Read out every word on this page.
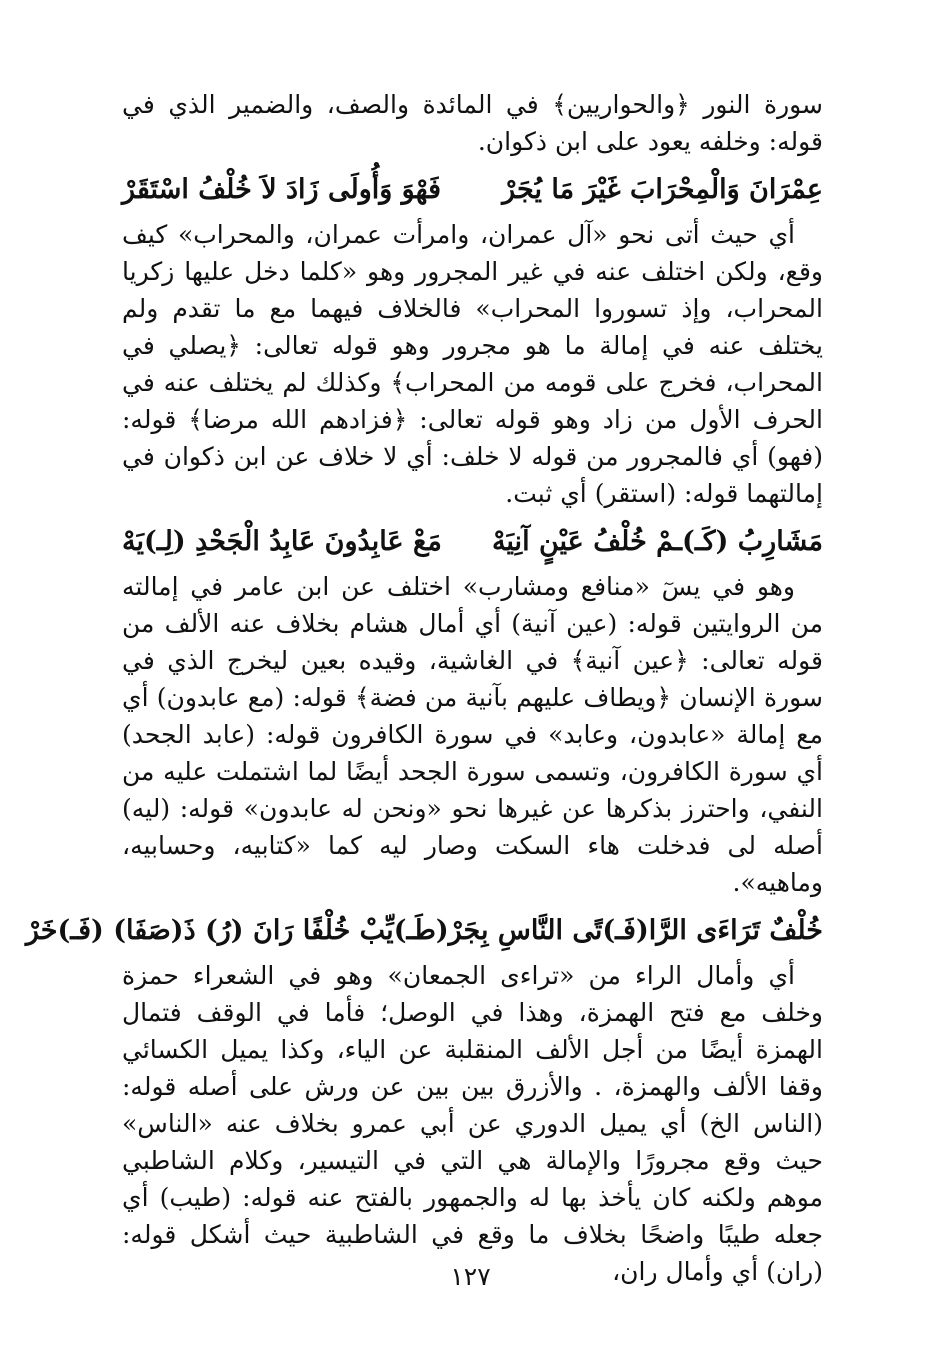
سورة النور ﴿والحواريين﴾ في المائدة والصف، والضمير الذي في قوله: وخلفه يعود على ابن ذكوان.

عِمْرَانَ وَالْمِحْرَابَ غَيْرَ مَا يُجَرْ
فَهْوَ وَأُولَى زَادَ لاَ خُلْفُ اسْتَقَرْ

أي حيث أتى نحو «آل عمران، وامرأت عمران، والمحراب» كيف وقع، ولكن اختلف عنه في غير المجرور وهو «كلما دخل عليها زكريا المحراب، وإذ تسوروا المحراب» فالخلاف فيهما مع ما تقدم ولم يختلف عنه في إمالة ما هو مجرور وهو قوله تعالى: ﴿يصلي في المحراب، فخرج على قومه من المحراب﴾ وكذلك لم يختلف عنه في الحرف الأول من زاد وهو قوله تعالى: ﴿فزادهم الله مرضا﴾ قوله: (فهو) أي فالمجرور من قوله لا خلف: أي لا خلاف عن ابن ذكوان في إمالتهما قوله: (استقر) أي ثبت.

مَشَارِبُ (كَـ)ـمْ خُلْفُ عَيْنٍ آنِيَهْ
مَعْ عَابِدُونَ عَابِدُ الْجَحْدِ (لِـ)يَهْ

وهو في يسٓ «منافع ومشارب» اختلف عن ابن عامر في إمالته من الروايتين قوله: (عين آنية) أي أمال هشام بخلاف عنه الألف من قوله تعالى: ﴿عين آنية﴾ في الغاشية، وقيده بعين ليخرج الذي في سورة الإنسان ﴿ويطاف عليهم بآنية من فضة﴾ قوله: (مع عابدون) أي مع إمالة «عابدون، وعابد» في سورة الكافرون قوله: (عابد الجحد) أي سورة الكافرون، وتسمى سورة الجحد أيضًا لما اشتملت عليه من النفي، واحترز بذكرها عن غيرها نحو «ونحن له عابدون» قوله: (ليه) أصله لى فدخلت هاء السكت وصار ليه كما «كتابيه، وحسابيه، وماهيه».

خُلْفٌ تَرَاءَى الرَّا(فَـ)تًى النَّاسِ بِجَرْ
(طَـ)يِّبْ خُلْفًا رَانَ (رُ) ذَ(صَفَا) (فَـ)خَرْ

أي وأمال الراء من «تراءى الجمعان» وهو في الشعراء حمزة وخلف مع فتح الهمزة، وهذا في الوصل؛ فأما في الوقف فتمال الهمزة أيضًا من أجل الألف المنقلبة عن الياء، وكذا يميل الكسائي وقفا الألف والهمزة، . والأزرق بين بين عن ورش على أصله قوله: (الناس الخ) أي يميل الدوري عن أبي عمرو بخلاف عنه «الناس» حيث وقع مجرورًا والإمالة هي التي في التيسير، وكلام الشاطبي موهم ولكنه كان يأخذ بها له والجمهور بالفتح عنه قوله: (طيب) أي جعله طيبًا واضحًا بخلاف ما وقع في الشاطبية حيث أشكل قوله: (ران) أي وأمال ران،

١٢٧
